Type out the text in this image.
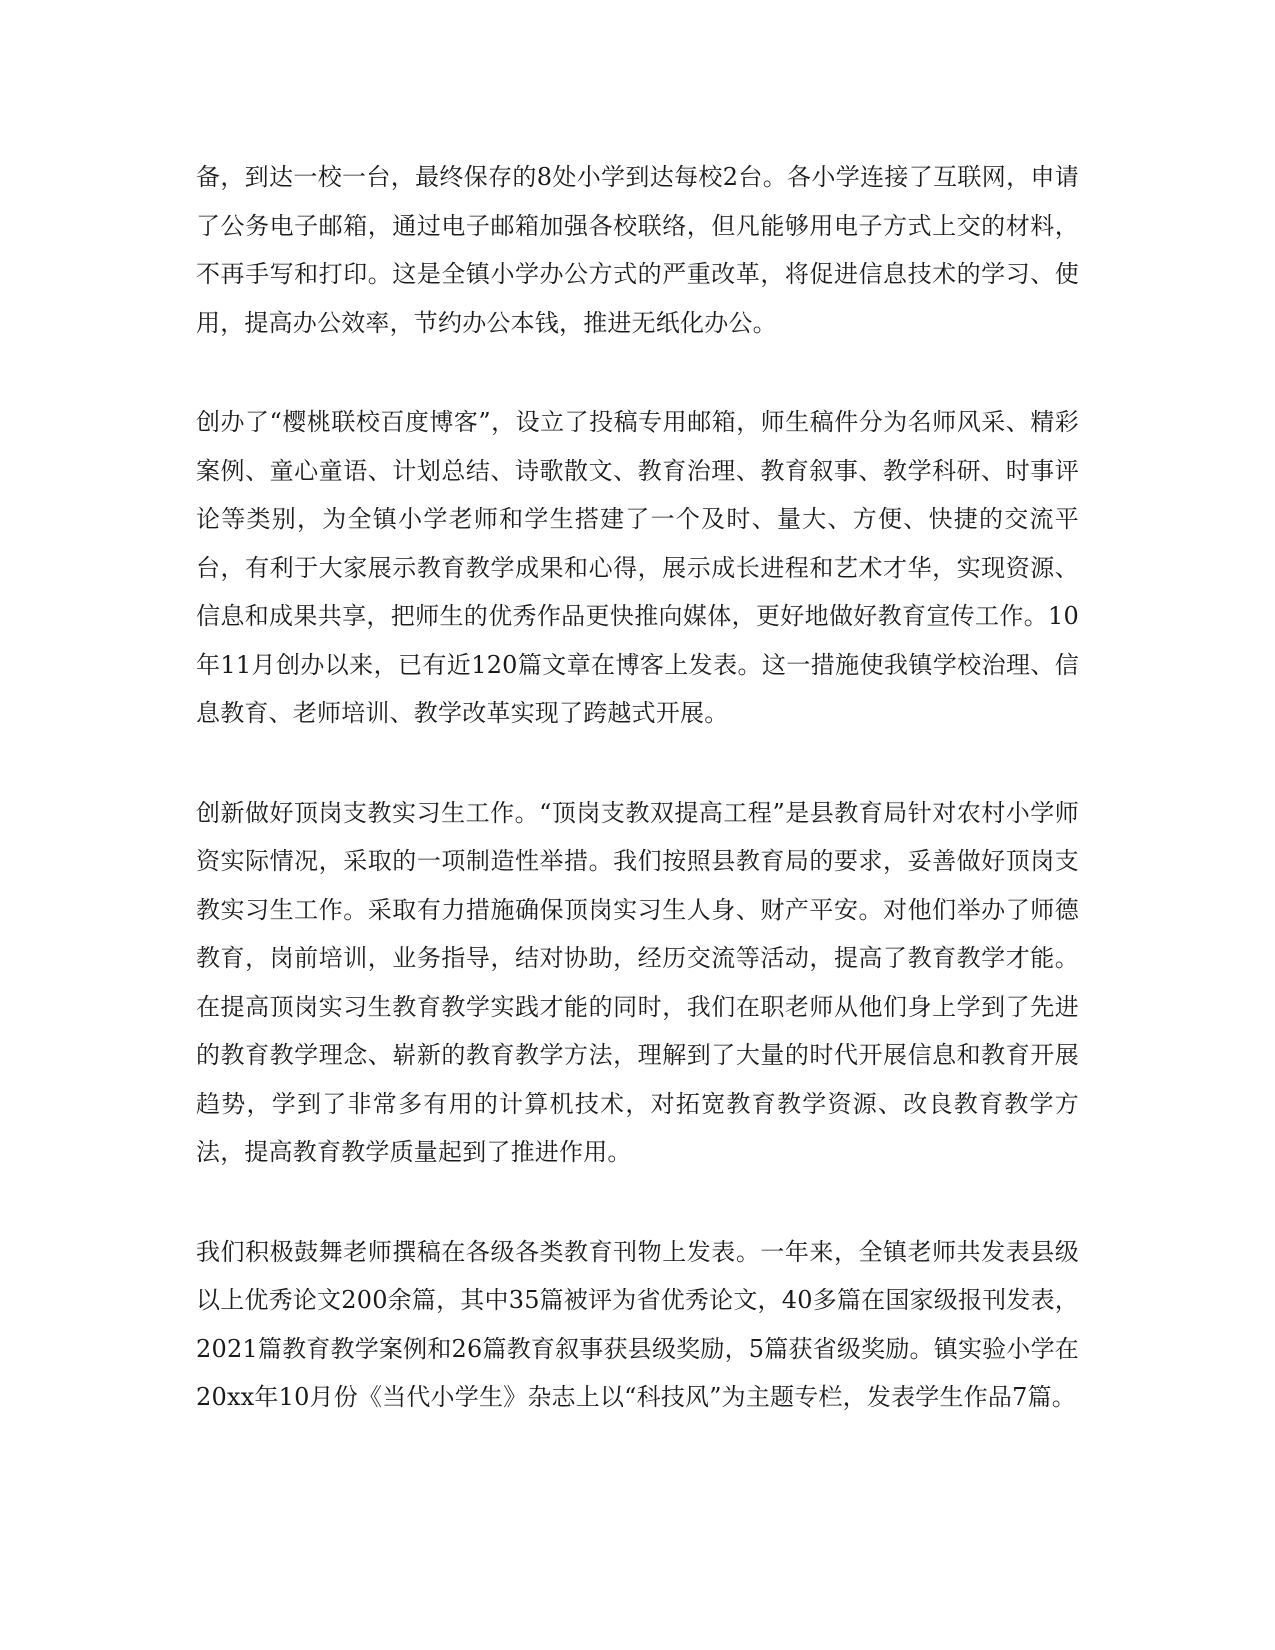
备，到达一校一台，最终保存的8处小学到达每校2台。各小学连接了互联网，申请了公务电子邮箱，通过电子邮箱加强各校联络，但凡能够用电子方式上交的材料，不再手写和打印。这是全镇小学办公方式的严重改革，将促进信息技术的学习、使用，提高办公效率，节约办公本钱，推进无纸化办公。

创办了“樱桃联校百度博客”，设立了投稿专用邮箱，师生稿件分为名师风采、精彩案例、童心童语、计划总结、诗歌散文、教育治理、教育叙事、教学科研、时事评论等类别，为全镇小学老师和学生搭建了一个及时、量大、方便、快捷的交流平台，有利于大家展示教育教学成果和心得，展示成长进程和艺术才华，实现资源、信息和成果共享，把师生的优秀作品更快推向媒体，更好地做好教育宣传工作。10年11月创办以来，已有近120篇文章在博客上发表。这一措施使我镇学校治理、信息教育、老师培训、教学改革实现了跨越式开展。

创新做好顶岗支教实习生工作。“顶岗支教双提高工程”是县教育局针对农村小学师资实际情况，采取的一项制造性举措。我们按照县教育局的要求，妥善做好顶岗支教实习生工作。采取有力措施确保顶岗实习生人身、财产平安。对他们举办了师德教育，岗前培训，业务指导，结对协助，经历交流等活动，提高了教育教学才能。在提高顶岗实习生教育教学实践才能的同时，我们在职老师从他们身上学到了先进的教育教学理念、崭新的教育教学方法，理解到了大量的时代开展信息和教育开展趋势，学到了非常多有用的计算机技术，对拓宽教育教学资源、改良教育教学方法，提高教育教学质量起到了推进作用。

我们积极鼓舞老师撰稿在各级各类教育刊物上发表。一年来，全镇老师共发表县级以上优秀论文200余篇，其中35篇被评为省优秀论文，40多篇在国家级报刊发表，2021篇教育教学案例和26篇教育叙事获县级奖励，5篇获省级奖励。镇实验小学在20xx年10月份《当代小学生》杂志上以“科技风”为主题专栏，发表学生作品7篇。
